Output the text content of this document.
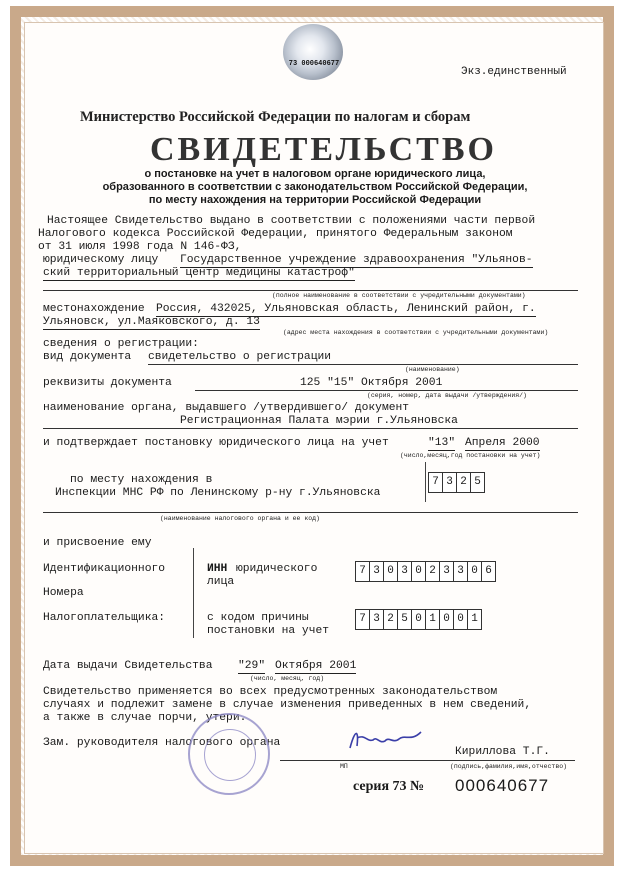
73 000640677
Экз.единственный
Министерство Российской Федерации по налогам и сборам
СВИДЕТЕЛЬСТВО
о постановке на учет в налоговом органе юридического лица,
образованного в соответствии с законодательством Российской Федерации,
по месту нахождения на территории Российской Федерации
Настоящее Свидетельство выдано в соответствии с положениями части первой
Налогового кодекса Российской Федерации, принятого Федеральным законом
от 31 июля 1998 года N 146-ФЗ,
юридическому лицу Государственное учреждение здравоохранения "Ульянов-
ский территориальный центр медицины катастроф"
(полное наименование в соответствии с учредительными документами)
местонахождение Россия, 432025, Ульяновская область, Ленинский район, г.
Ульяновск, ул.Маяковского, д. 13
(адрес места нахождения в соответствии с учредительными документами)
сведения о регистрации:
вид документа свидетельство о регистрации
(наименование)
реквизиты документа	125 "15" Октября 2001
(серия, номер, дата выдачи /утверждения/)
наименование органа, выдавшего /утвердившего/ документ
Регистрационная Палата мэрии г.Ульяновска
и подтверждает постановку юридического лица на учет	"13" Апреля 2000
(число,месяц,год постановки на учет)
по месту нахождения в
Инспекции МНС РФ по Ленинскому р-ну г.Ульяновска
7 3 2 5
(наименование налогового органа и ее код)
и присвоение ему
Идентификационного
Номера
Налогоплательщика:
ИНН юридического
лица
7 3 0 3 0 2 3 3 0 6
с кодом причины
постановки на учет
7 3 2 5 0 1 0 0 1
Дата выдачи Свидетельства "29" Октября 2001
(число, месяц, год)
Свидетельство применяется во всех предусмотренных законодательством
случаях и подлежит замене в случае изменения приведенных в нем сведений,
а также в случае порчи, утери.
Зам. руководителя налогового органа
Кириллова Т.Г.
МП	(подпись,фамилия,имя,отчество)
серия 73 № 000640677
